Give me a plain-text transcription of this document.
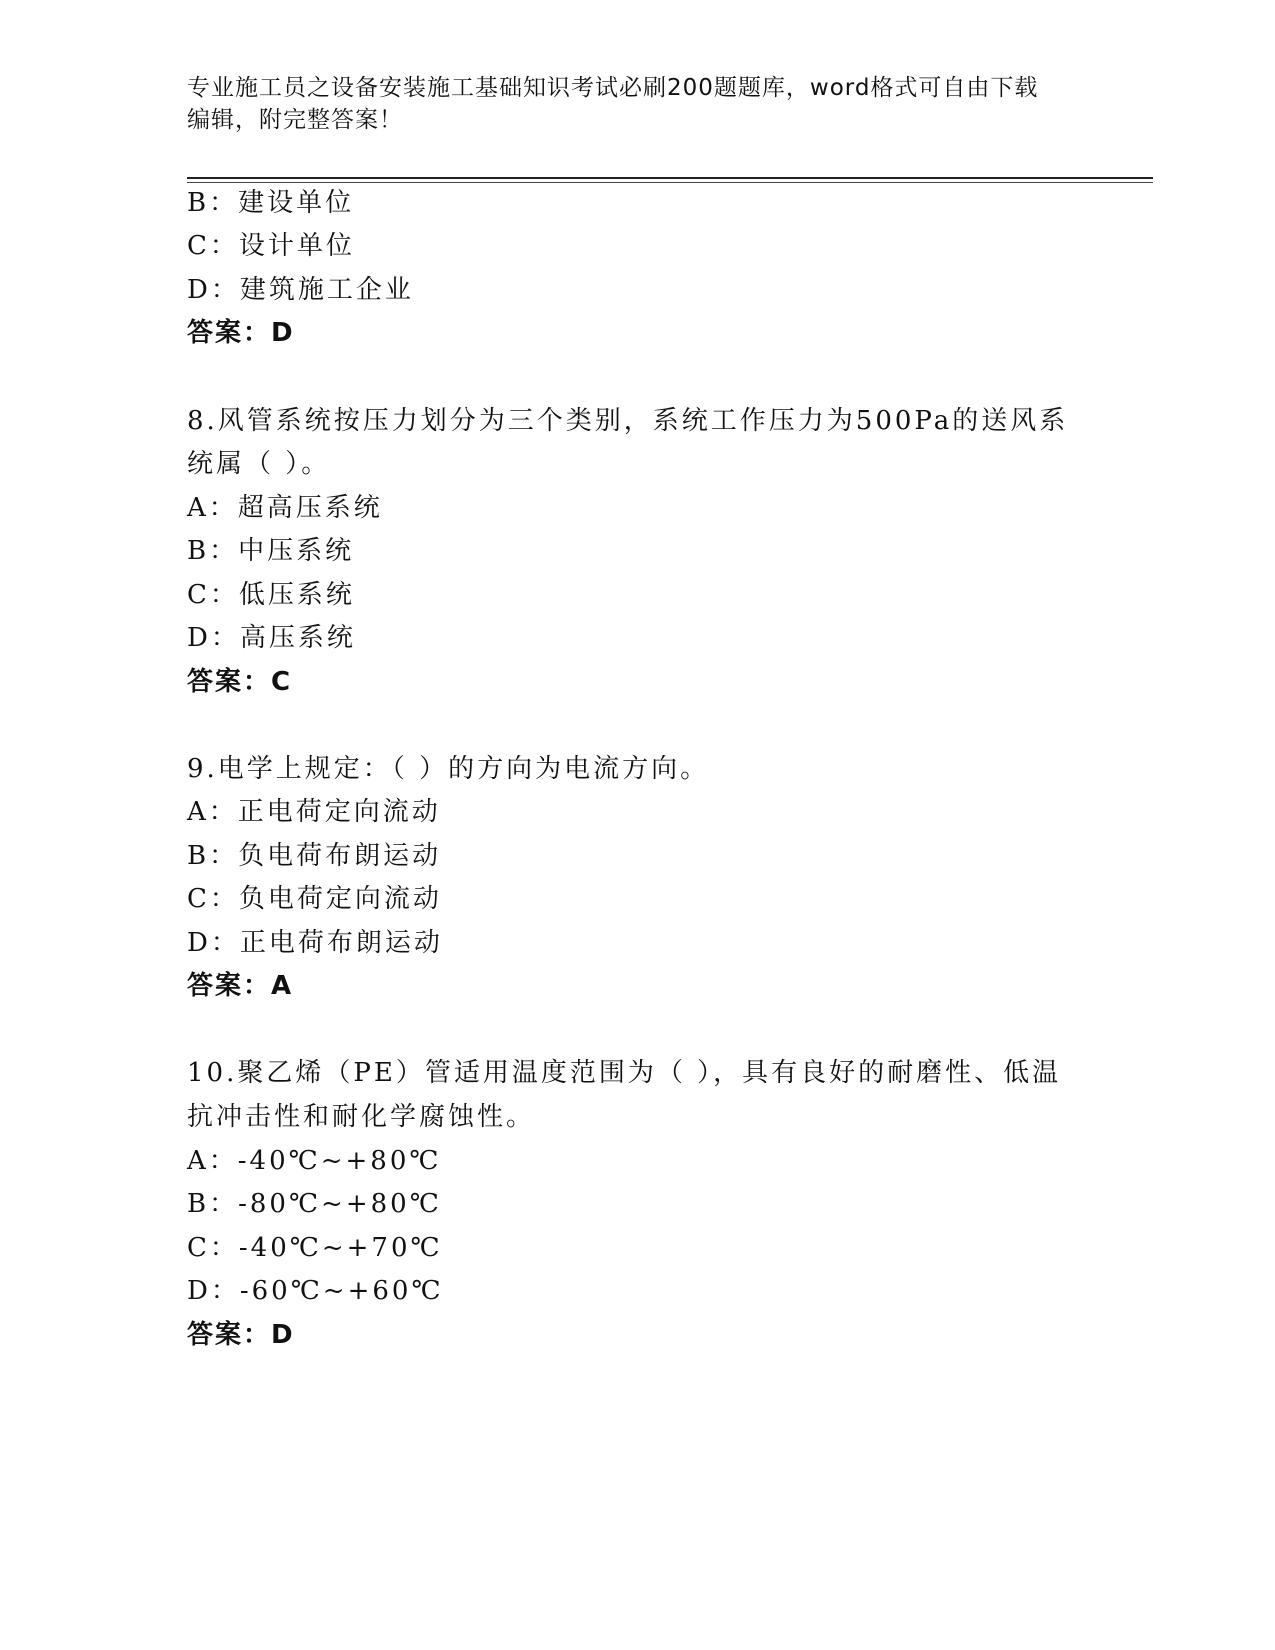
专业施工员之设备安装施工基础知识考试必刷200题题库，word格式可自由下载
编辑，附完整答案！
B：建设单位
C：设计单位
D：建筑施工企业
答案：D
8.风管系统按压力划分为三个类别，系统工作压力为500Pa的送风系
统属（ ）。
A：超高压系统
B：中压系统
C：低压系统
D：高压系统
答案：C
9.电学上规定：（ ）的方向为电流方向。
A：正电荷定向流动
B：负电荷布朗运动
C：负电荷定向流动
D：正电荷布朗运动
答案：A
10.聚乙烯（PE）管适用温度范围为（ ），具有良好的耐磨性、低温
抗冲击性和耐化学腐蚀性。
A：-40℃~+80℃
B：-80℃~+80℃
C：-40℃~+70℃
D：-60℃~+60℃
答案：D
